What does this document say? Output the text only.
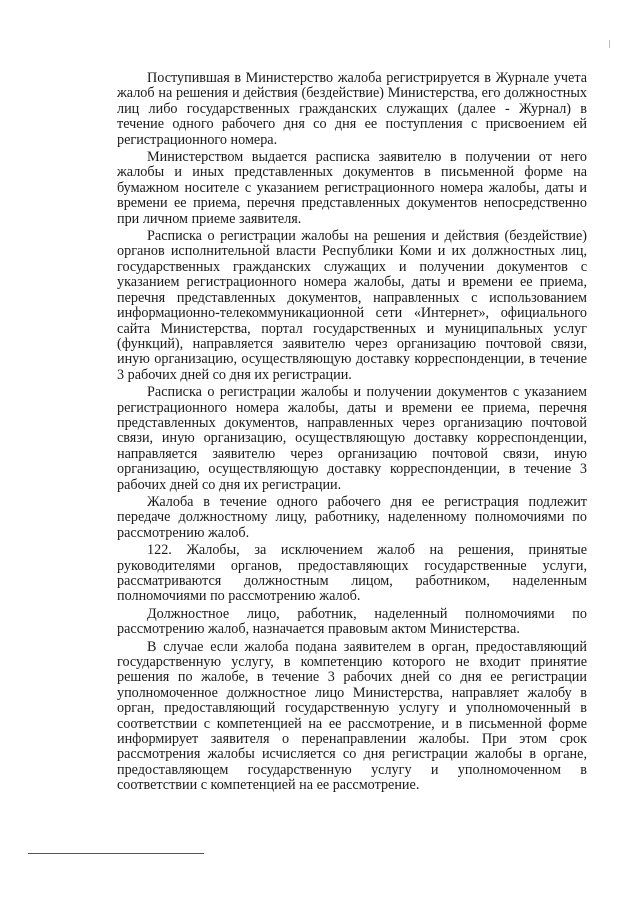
Поступившая в Министерство жалоба регистрируется в Журнале учета жалоб на решения и действия (бездействие) Министерства, его должностных лиц либо государственных гражданских служащих (далее - Журнал) в течение одного рабочего дня со дня ее поступления с присвоением ей регистрационного номера.

Министерством выдается расписка заявителю в получении от него жалобы и иных представленных документов в письменной форме на бумажном носителе с указанием регистрационного номера жалобы, даты и времени ее приема, перечня представленных документов непосредственно при личном приеме заявителя.

Расписка о регистрации жалобы на решения и действия (бездействие) органов исполнительной власти Республики Коми и их должностных лиц, государственных гражданских служащих и получении документов с указанием регистрационного номера жалобы, даты и времени ее приема, перечня представленных документов, направленных с использованием информационно-телекоммуникационной сети «Интернет», официального сайта Министерства, портал государственных и муниципальных услуг (функций), направляется заявителю через организацию почтовой связи, иную организацию, осуществляющую доставку корреспонденции, в течение 3 рабочих дней со дня их регистрации.

Расписка о регистрации жалобы и получении документов с указанием регистрационного номера жалобы, даты и времени ее приема, перечня представленных документов, направленных через организацию почтовой связи, иную организацию, осуществляющую доставку корреспонденции, направляется заявителю через организацию почтовой связи, иную организацию, осуществляющую доставку корреспонденции, в течение 3 рабочих дней со дня их регистрации.

Жалоба в течение одного рабочего дня ее регистрация подлежит передаче должностному лицу, работнику, наделенному полномочиями по рассмотрению жалоб.

122. Жалобы, за исключением жалоб на решения, принятые руководителями органов, предоставляющих государственные услуги, рассматриваются должностным лицом, работником, наделенным полномочиями по рассмотрению жалоб.

Должностное лицо, работник, наделенный полномочиями по рассмотрению жалоб, назначается правовым актом Министерства.

В случае если жалоба подана заявителем в орган, предоставляющий государственную услугу, в компетенцию которого не входит принятие решения по жалобе, в течение 3 рабочих дней со дня ее регистрации уполномоченное должностное лицо Министерства, направляет жалобу в орган, предоставляющий государственную услугу и уполномоченный в соответствии с компетенцией на ее рассмотрение, и в письменной форме информирует заявителя о перенаправлении жалобы. При этом срок рассмотрения жалобы исчисляется со дня регистрации жалобы в органе, предоставляющем государственную услугу и уполномоченном в соответствии с компетенцией на ее рассмотрение.
